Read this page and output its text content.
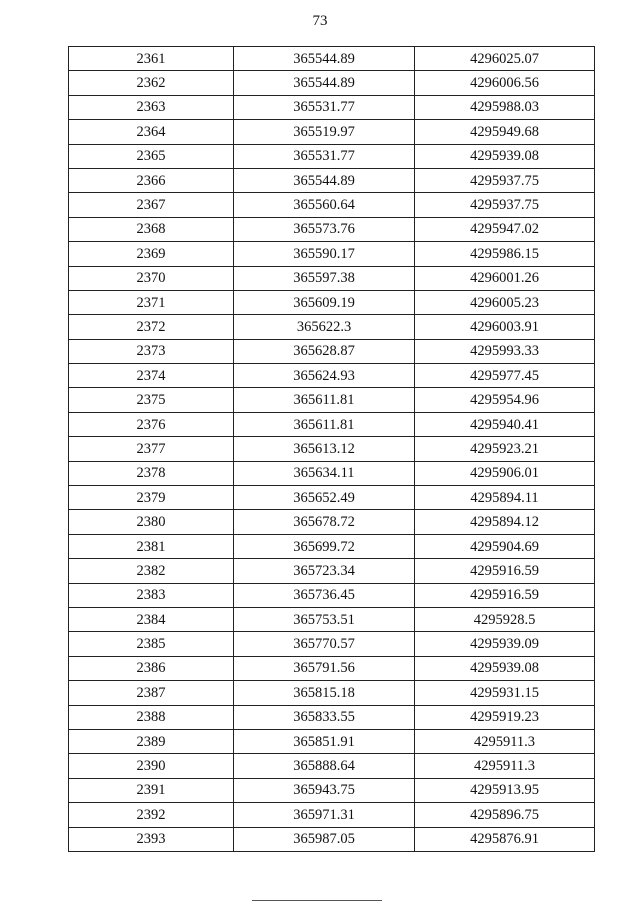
73
2361	365544.89	4296025.07
2362	365544.89	4296006.56
2363	365531.77	4295988.03
2364	365519.97	4295949.68
2365	365531.77	4295939.08
2366	365544.89	4295937.75
2367	365560.64	4295937.75
2368	365573.76	4295947.02
2369	365590.17	4295986.15
2370	365597.38	4296001.26
2371	365609.19	4296005.23
2372	365622.3	4296003.91
2373	365628.87	4295993.33
2374	365624.93	4295977.45
2375	365611.81	4295954.96
2376	365611.81	4295940.41
2377	365613.12	4295923.21
2378	365634.11	4295906.01
2379	365652.49	4295894.11
2380	365678.72	4295894.12
2381	365699.72	4295904.69
2382	365723.34	4295916.59
2383	365736.45	4295916.59
2384	365753.51	4295928.5
2385	365770.57	4295939.09
2386	365791.56	4295939.08
2387	365815.18	4295931.15
2388	365833.55	4295919.23
2389	365851.91	4295911.3
2390	365888.64	4295911.3
2391	365943.75	4295913.95
2392	365971.31	4295896.75
2393	365987.05	4295876.91
